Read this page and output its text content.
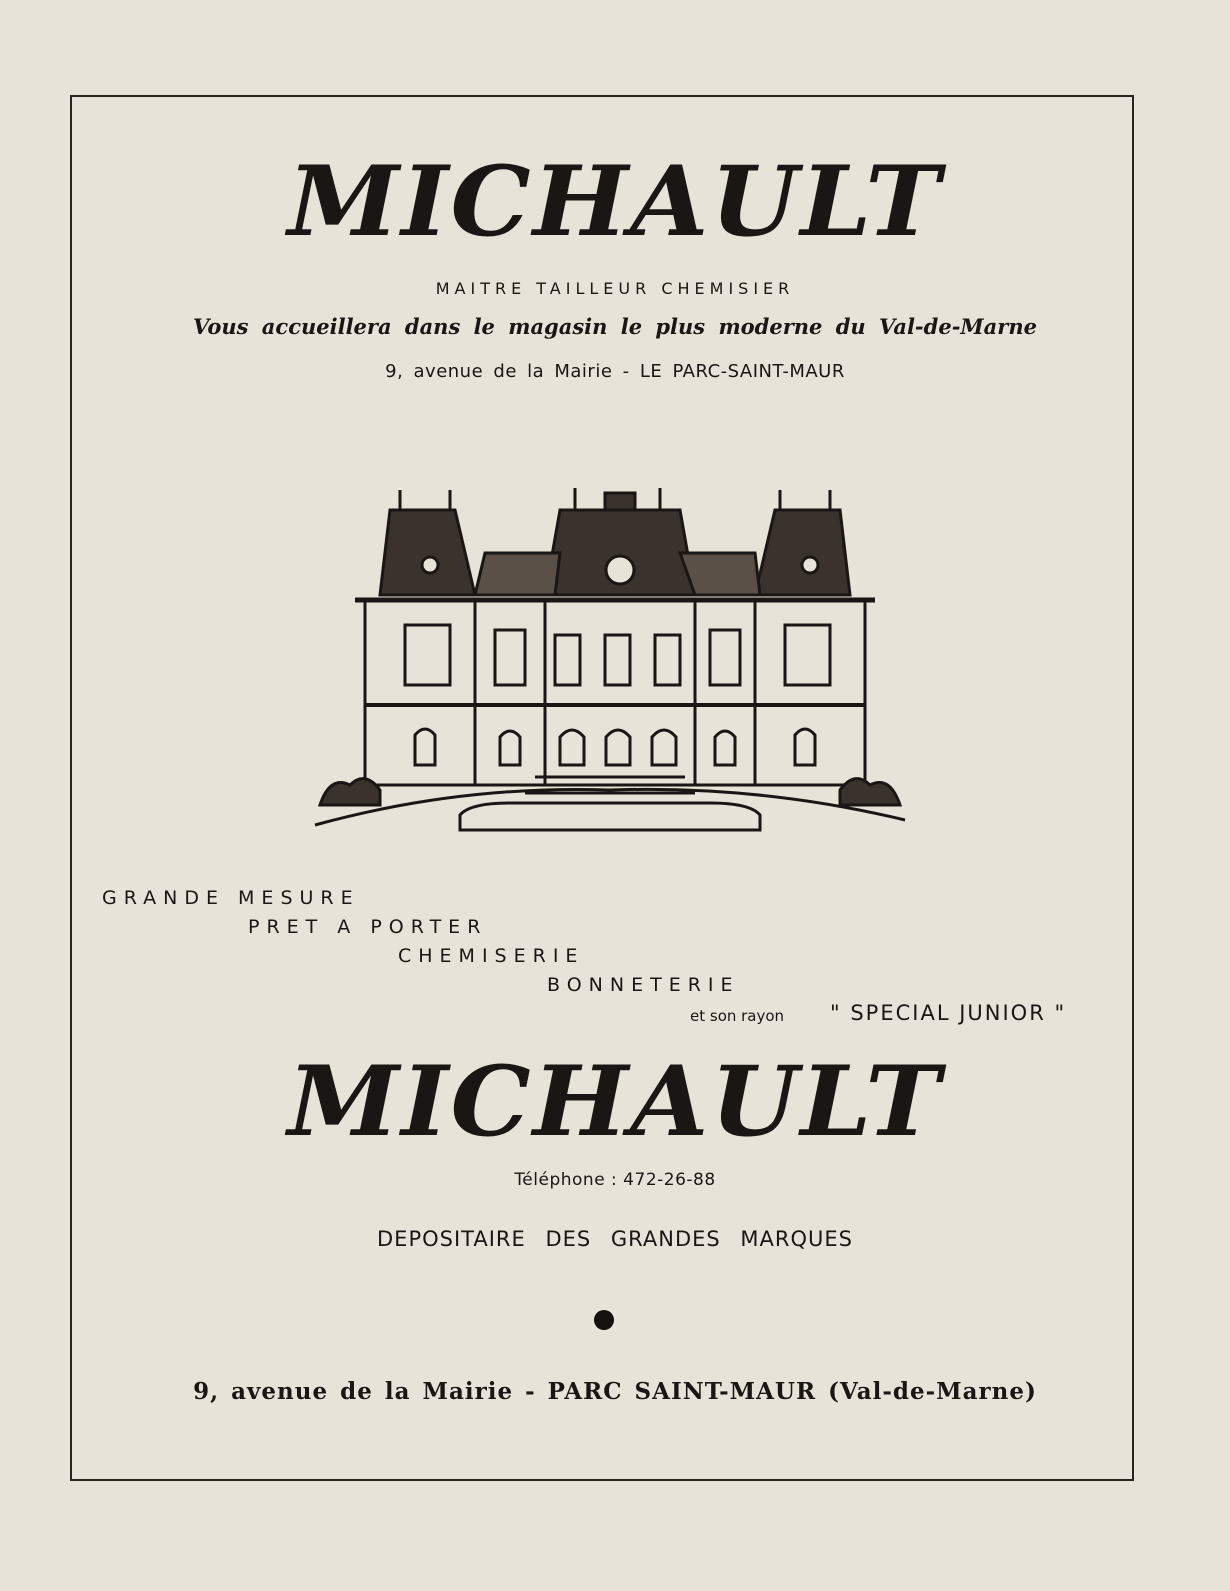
MICHAULT
MAITRE TAILLEUR CHEMISIER
Vous accueillera dans le magasin le plus moderne du Val-de-Marne
9, avenue de la Mairie - LE PARC-SAINT-MAUR
GRANDE MESURE
PRET A PORTER
CHEMISERIE
BONNETERIE
et son rayon " SPECIAL JUNIOR "
MICHAULT
Téléphone : 472-26-88
DEPOSITAIRE DES GRANDES MARQUES
9, avenue de la Mairie - PARC SAINT-MAUR (Val-de-Marne)
